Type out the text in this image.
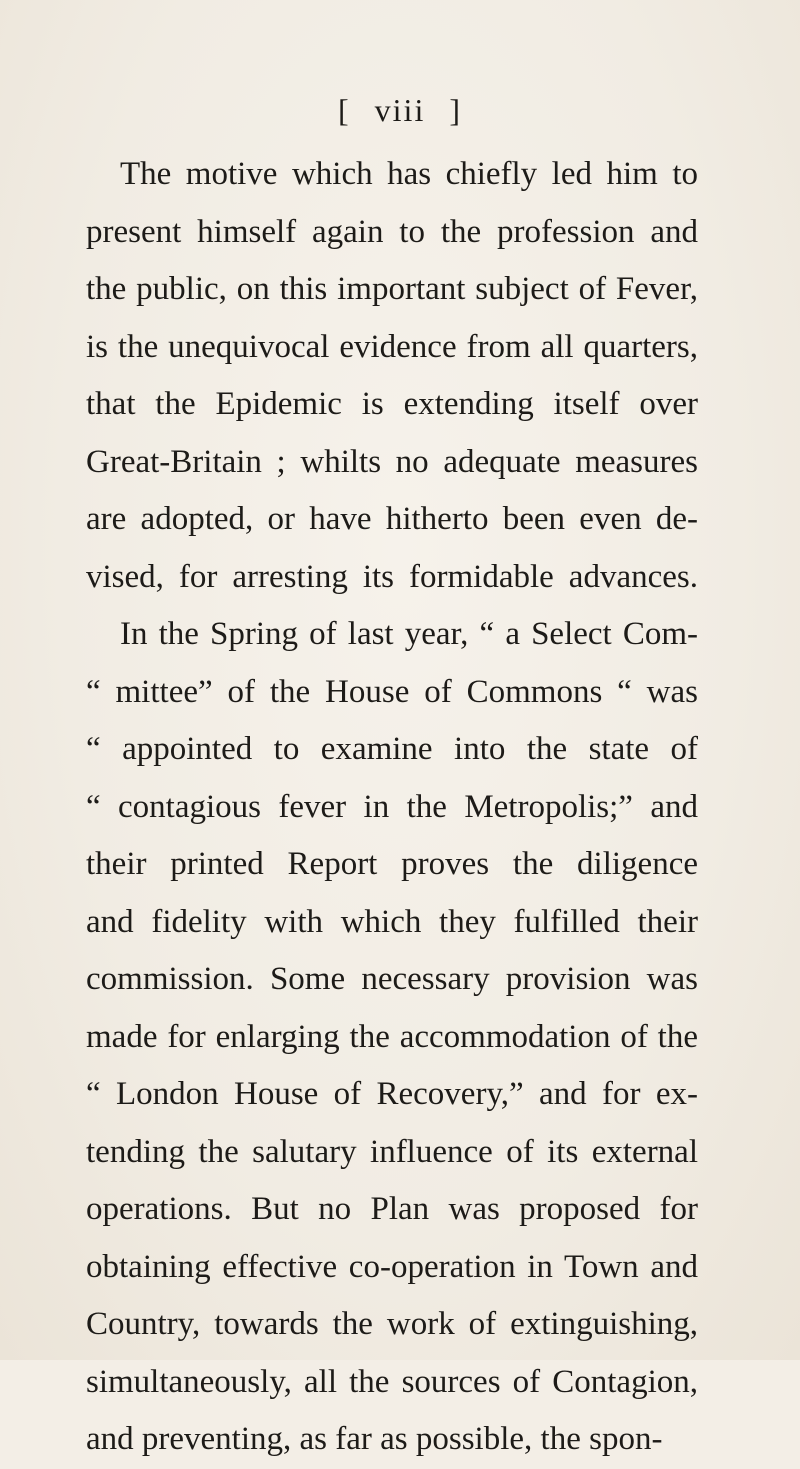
[ viii ]
The motive which has chiefly led him to
present himself again to the profession and
the public, on this important subject of Fever,
is the unequivocal evidence from all quarters,
that the Epidemic is extending itself over
Great-Britain ; whilts no adequate measures
are adopted, or have hitherto been even de-
vised, for arresting its formidable advances.
In the Spring of last year, “ a Select Com-
“ mittee” of the House of Commons “ was
“ appointed to examine into the state of
“ contagious fever in the Metropolis;” and
their printed Report proves the diligence
and fidelity with which they fulfilled their
commission. Some necessary provision was
made for enlarging the accommodation of the
“ London House of Recovery,” and for ex-
tending the salutary influence of its external
operations. But no Plan was proposed for
obtaining effective co-operation in Town and
Country, towards the work of extinguishing,
simultaneously, all the sources of Contagion,
and preventing, as far as possible, the spon-
